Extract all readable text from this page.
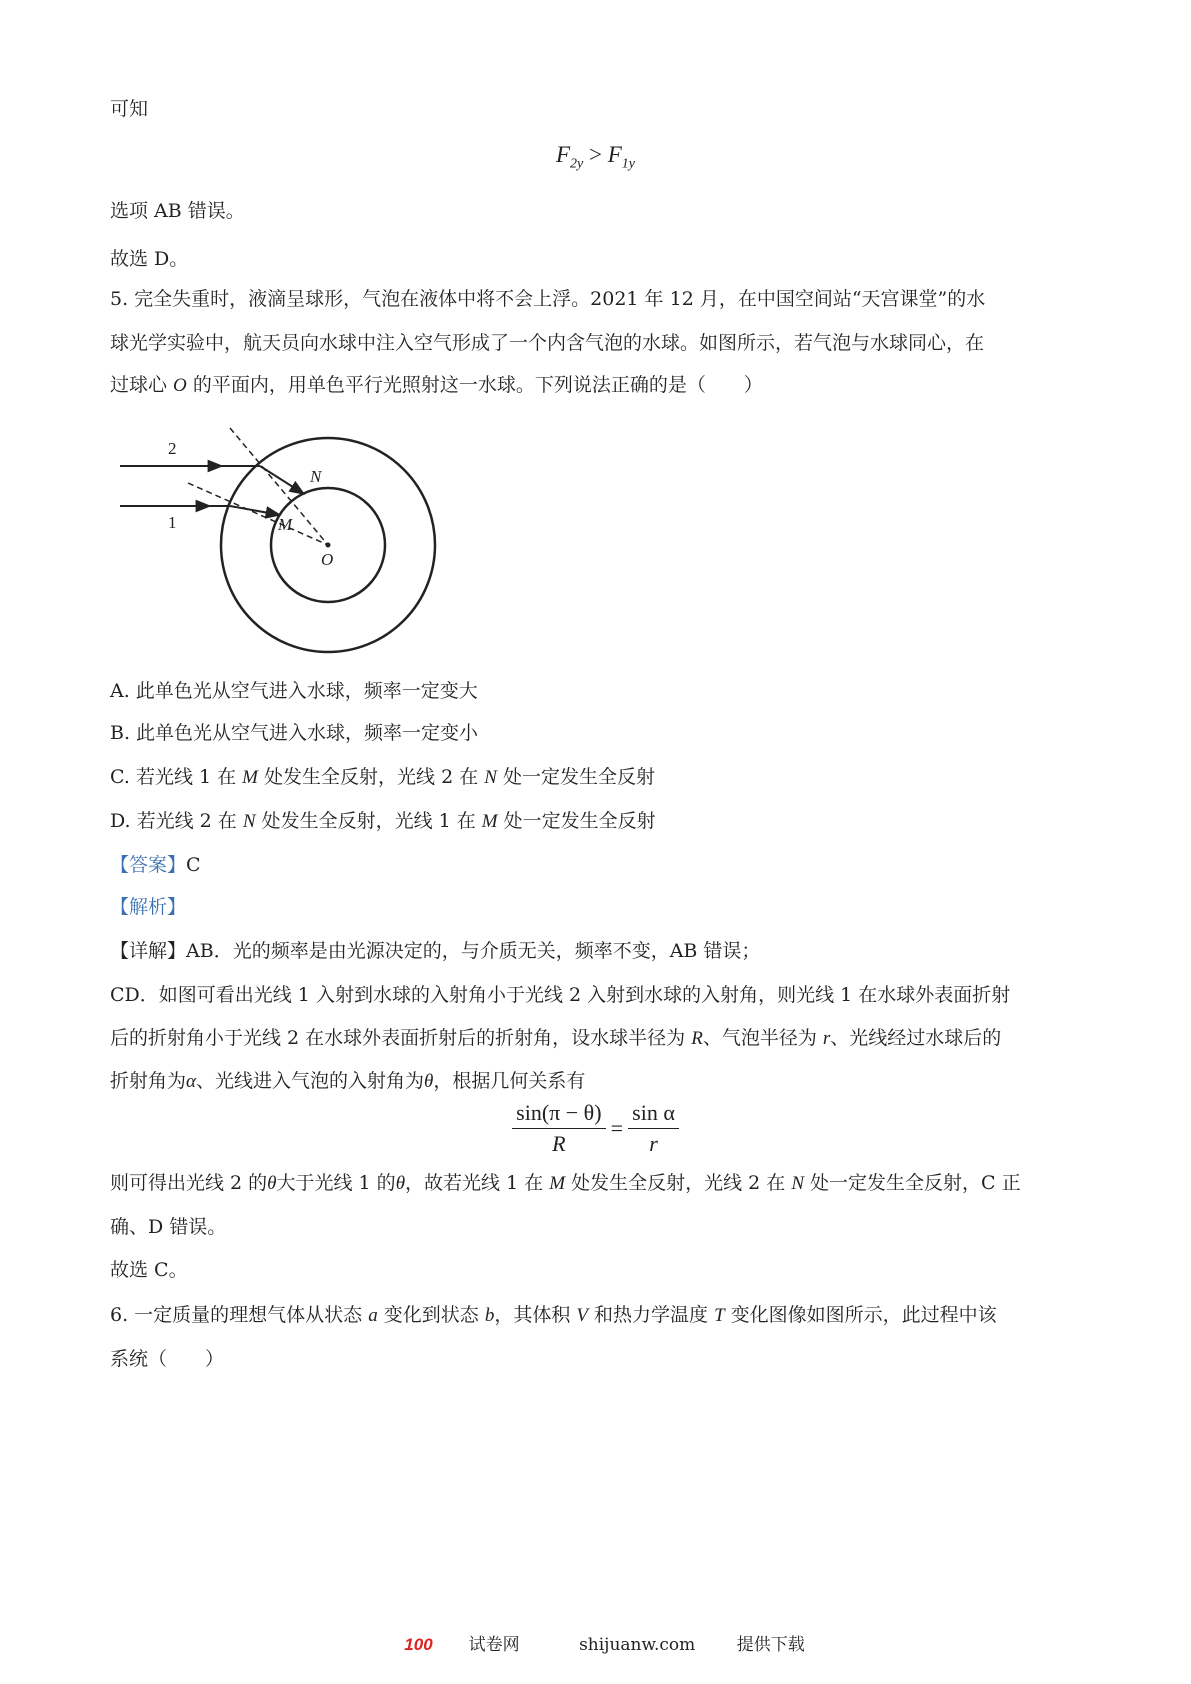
可知
$F_{2y} > F_{1y}$
选项 AB 错误。
故选 D。
5. 完全失重时，液滴呈球形，气泡在液体中将不会上浮。2021 年 12 月，在中国空间站“天宫课堂”的水
球光学实验中，航天员向水球中注入空气形成了一个内含气泡的水球。如图所示，若气泡与水球同心，在
过球心 O 的平面内，用单色平行光照射这一水球。下列说法正确的是（　　）
2
1
N
M
O
A. 此单色光从空气进入水球，频率一定变大
B. 此单色光从空气进入水球，频率一定变小
C. 若光线 1 在 M 处发生全反射，光线 2 在 N 处一定发生全反射
D. 若光线 2 在 N 处发生全反射，光线 1 在 M 处一定发生全反射
【答案】C
【解析】
【详解】AB．光的频率是由光源决定的，与介质无关，频率不变，AB 错误；
CD．如图可看出光线 1 入射到水球的入射角小于光线 2 入射到水球的入射角，则光线 1 在水球外表面折射
后的折射角小于光线 2 在水球外表面折射后的折射角，设水球半径为 R、气泡半径为 r、光线经过水球后的
折射角为α、光线进入气泡的入射角为θ，根据几何关系有
$\frac{\sin(\pi - \theta)}{R} = \frac{\text{sin α}}{r}$
则可得出光线 2 的θ大于光线 1 的θ，故若光线 1 在 M 处发生全反射，光线 2 在 N 处一定发生全反射，C 正
确、D 错误。
故选 C。
6. 一定质量的理想气体从状态 a 变化到状态 b，其体积 V 和热力学温度 T 变化图像如图所示，此过程中该
系统（　　）
100 试卷网	shijuanw.com 提供下载
